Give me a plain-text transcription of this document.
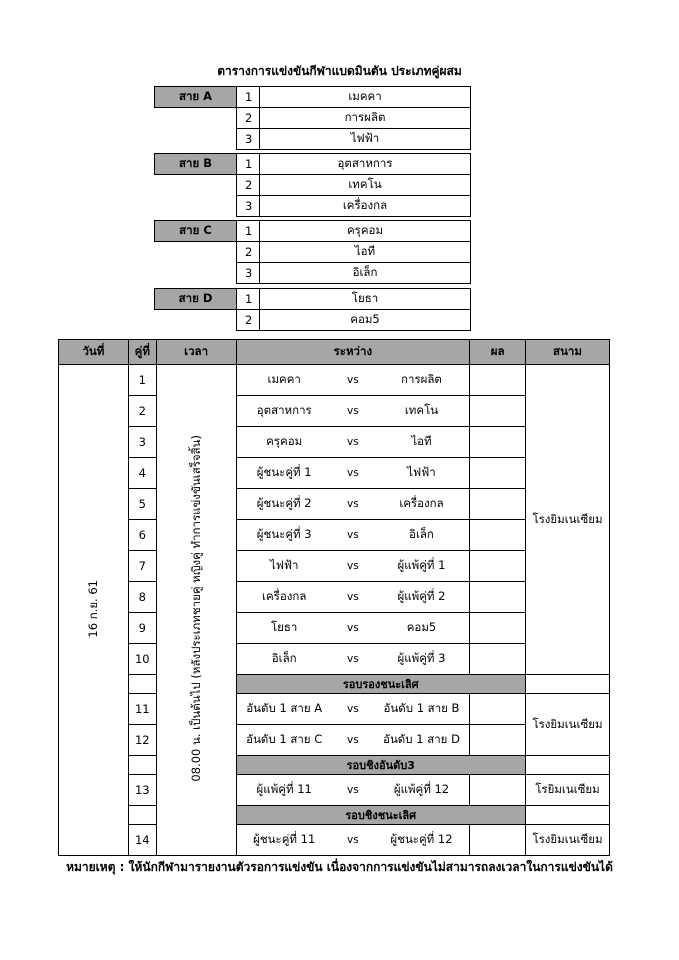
ตารางการแข่งขันกีฬาแบดมินตัน ประเภทคู่ผสม
สาย A	1	เมคคา
	2	การผลิต
	3	ไฟฟ้า
สาย B	1	อุตสาหการ
	2	เทคโน
	3	เครื่องกล
สาย C	1	ครุคอม
	2	ไอที
	3	อิเล็ก
สาย D	1	โยธา
	2	คอม5
วันที่	คู่ที่	เวลา	ระหว่าง	ผล	สนาม
16 ก.ย. 61	1	08.00 น. เป็นต้นไป (หลังประเภทชายคู่ หญิงคู่ ทำการแข่งขันเสร็จสิ้น)	เมคคา vs การผลิต		โรงยิมเนเซียม
	2		อุตสาหการ vs เทคโน		

	3		ครุคอม vs ไอที		

	4		ผู้ชนะคู่ที่ 1 vs ไฟฟ้า		

	5		ผู้ชนะคู่ที่ 2 vs เครื่องกล		

	6		ผู้ชนะคู่ที่ 3 vs อิเล็ก		

	7		ไฟฟ้า vs ผู้แพ้คู่ที่ 1		

	8		เครื่องกล vs ผู้แพ้คู่ที่ 2		

	9		โยธา vs คอม5		

	10		อิเล็ก vs ผู้แพ้คู่ที่ 3		

			รอบรองชนะเลิศ		
	11		อันดับ 1 สาย A vs อันดับ 1 สาย B		โรงยิมเนเซียม
	12		อันดับ 1 สาย C vs อันดับ 1 สาย D		

			รอบชิงอันดับ3		
	13		ผู้แพ้คู่ที่ 11 vs ผู้แพ้คู่ที่ 12		โรยิมเนเซียม
			รอบชิงชนะเลิศ		
	14		ผู้ชนะคู่ที่ 11 vs ผู้ชนะคู่ที่ 12		โรงยิมเนเซียม
หมายเหตุ : ให้นักกีฬามารายงานตัวรอการแข่งขัน เนื่องจากการแข่งขันไม่สามารถลงเวลาในการแข่งขันได้
